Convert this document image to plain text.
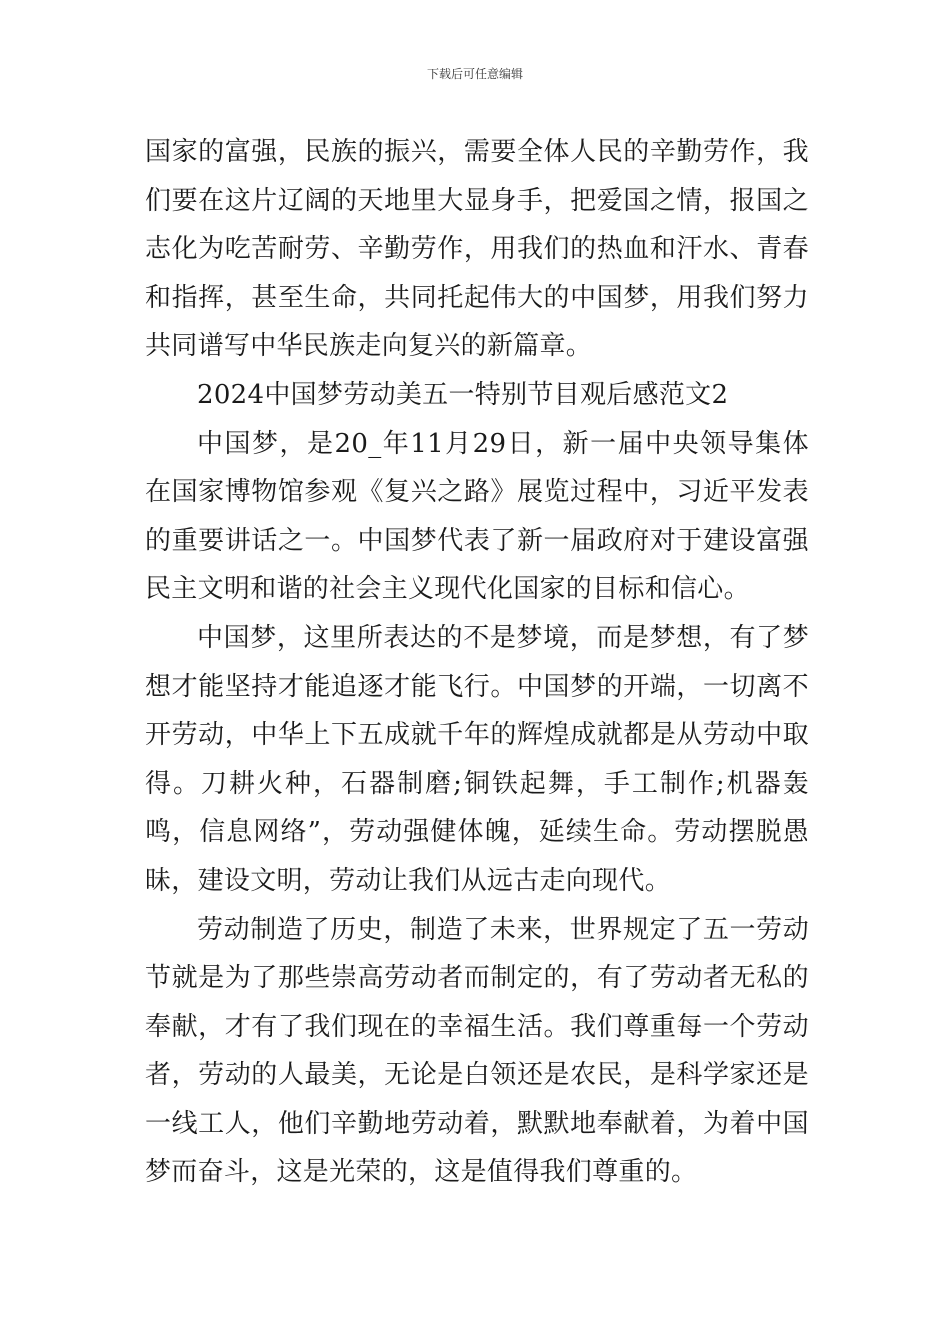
下载后可任意编辑

国家的富强，民族的振兴，需要全体人民的辛勤劳作，我们要在这片辽阔的天地里大显身手，把爱国之情，报国之志化为吃苦耐劳、辛勤劳作，用我们的热血和汗水、青春和指挥，甚至生命，共同托起伟大的中国梦，用我们努力共同谱写中华民族走向复兴的新篇章。

2024中国梦劳动美五一特别节目观后感范文2

中国梦，是20_年11月29日，新一届中央领导集体在国家博物馆参观《复兴之路》展览过程中，习近平发表的重要讲话之一。中国梦代表了新一届政府对于建设富强民主文明和谐的社会主义现代化国家的目标和信心。

中国梦，这里所表达的不是梦境，而是梦想，有了梦想才能坚持才能追逐才能飞行。中国梦的开端，一切离不开劳动，中华上下五成就千年的辉煌成就都是从劳动中取得。刀耕火种，石器制磨;铜铁起舞，手工制作;机器轰鸣，信息网络”，劳动强健体魄，延续生命。劳动摆脱愚昧，建设文明，劳动让我们从远古走向现代。

劳动制造了历史，制造了未来，世界规定了五一劳动节就是为了那些崇高劳动者而制定的，有了劳动者无私的奉献，才有了我们现在的幸福生活。我们尊重每一个劳动者，劳动的人最美，无论是白领还是农民，是科学家还是一线工人，他们辛勤地劳动着，默默地奉献着，为着中国梦而奋斗，这是光荣的，这是值得我们尊重的。
